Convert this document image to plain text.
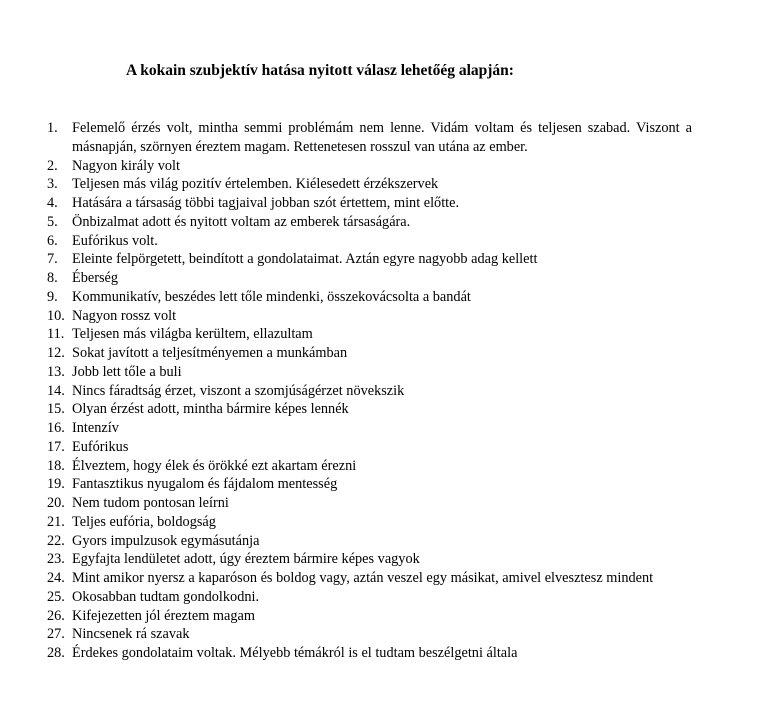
A kokain szubjektív hatása nyitott válasz lehetőég alapján:
1. Felemelő érzés volt, mintha semmi problémám nem lenne. Vidám voltam és teljesen szabad. Viszont a másnapján, szörnyen éreztem magam. Rettenetesen rosszul van utána az ember.
2. Nagyon király volt
3. Teljesen más világ pozitív értelemben. Kiélesedett érzékszervek
4. Hatására a társaság többi tagjaival jobban szót értettem, mint előtte.
5. Önbizalmat adott és nyitott voltam az emberek társaságára.
6. Eufórikus volt.
7. Eleinte felpörgetett, beindított a gondolataimat. Aztán egyre nagyobb adag kellett
8. Éberség
9. Kommunikatív, beszédes lett tőle mindenki, összekovácsolta a bandát
10. Nagyon rossz volt
11. Teljesen más világba kerültem, ellazultam
12. Sokat javított a teljesítményemen a munkámban
13. Jobb lett tőle a buli
14. Nincs fáradtság érzet, viszont a szomjúságérzet növekszik
15. Olyan érzést adott, mintha bármire képes lennék
16. Intenzív
17. Eufórikus
18. Élveztem, hogy élek és örökké ezt akartam érezni
19. Fantasztikus nyugalom és fájdalom mentesség
20. Nem tudom pontosan leírni
21. Teljes eufória, boldogság
22. Gyors impulzusok egymásutánja
23. Egyfajta lendületet adott, úgy éreztem bármire képes vagyok
24. Mint amikor nyersz a kaparóson és boldog vagy, aztán veszel egy másikat, amivel elvesztesz mindent
25. Okosabban tudtam gondolkodni.
26. Kifejezetten jól éreztem magam
27. Nincsenek rá szavak
28. Érdekes gondolataim voltak. Mélyebb témákról is el tudtam beszélgetni általa
